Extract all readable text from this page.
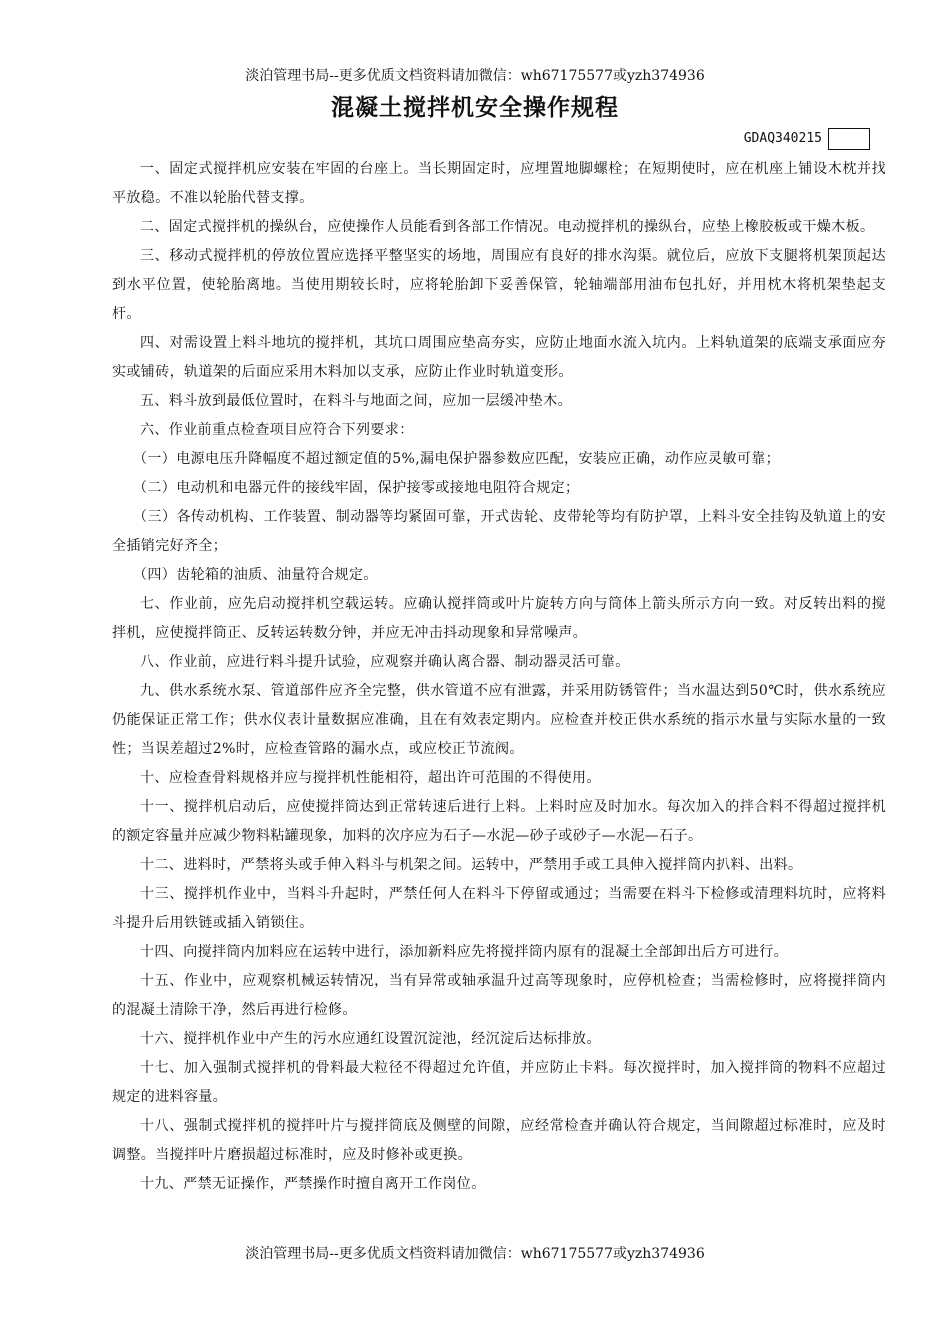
淡泊管理书局--更多优质文档资料请加微信：wh67175577或yzh374936
混凝土搅拌机安全操作规程
GDAQ340215

一、固定式搅拌机应安装在牢固的台座上。当长期固定时，应埋置地脚螺栓；在短期使时，应在机座上铺设木枕并找平放稳。不准以轮胎代替支撑。

二、固定式搅拌机的操纵台，应使操作人员能看到各部工作情况。电动搅拌机的操纵台，应垫上橡胶板或干燥木板。

三、移动式搅拌机的停放位置应选择平整坚实的场地，周围应有良好的排水沟渠。就位后，应放下支腿将机架顶起达到水平位置，使轮胎离地。当使用期较长时，应将轮胎卸下妥善保管，轮轴端部用油布包扎好，并用枕木将机架垫起支杆。

四、对需设置上料斗地坑的搅拌机，其坑口周围应垫高夯实，应防止地面水流入坑内。上料轨道架的底端支承面应夯实或铺砖，轨道架的后面应采用木料加以支承，应防止作业时轨道变形。

五、料斗放到最低位置时，在料斗与地面之间，应加一层缓冲垫木。

六、作业前重点检查项目应符合下列要求：

（一）电源电压升降幅度不超过额定值的5%,漏电保护器参数应匹配，安装应正确，动作应灵敏可靠；

（二）电动机和电器元件的接线牢固，保护接零或接地电阻符合规定；

（三）各传动机构、工作装置、制动器等均紧固可靠，开式齿轮、皮带轮等均有防护罩，上料斗安全挂钩及轨道上的安全插销完好齐全；

（四）齿轮箱的油质、油量符合规定。

七、作业前，应先启动搅拌机空载运转。应确认搅拌筒或叶片旋转方向与筒体上箭头所示方向一致。对反转出料的搅拌机，应使搅拌筒正、反转运转数分钟，并应无冲击抖动现象和异常噪声。

八、作业前，应进行料斗提升试验，应观察并确认离合器、制动器灵活可靠。

九、供水系统水泵、管道部件应齐全完整，供水管道不应有泄露，并采用防锈管件；当水温达到50℃时，供水系统应仍能保证正常工作；供水仪表计量数据应准确，且在有效表定期内。应检查并校正供水系统的指示水量与实际水量的一致性；当误差超过2%时，应检查管路的漏水点，或应校正节流阀。

十、应检查骨料规格并应与搅拌机性能相符，超出许可范围的不得使用。

十一、搅拌机启动后，应使搅拌筒达到正常转速后进行上料。上料时应及时加水。每次加入的拌合料不得超过搅拌机的额定容量并应减少物料粘罐现象，加料的次序应为石子—水泥—砂子或砂子—水泥—石子。

十二、进料时，严禁将头或手伸入料斗与机架之间。运转中，严禁用手或工具伸入搅拌筒内扒料、出料。

十三、搅拌机作业中，当料斗升起时，严禁任何人在料斗下停留或通过；当需要在料斗下检修或清理料坑时，应将料斗提升后用铁链或插入销锁住。

十四、向搅拌筒内加料应在运转中进行，添加新料应先将搅拌筒内原有的混凝土全部卸出后方可进行。

十五、作业中，应观察机械运转情况，当有异常或轴承温升过高等现象时，应停机检查；当需检修时，应将搅拌筒内的混凝土清除干净，然后再进行检修。

十六、搅拌机作业中产生的污水应通红设置沉淀池，经沉淀后达标排放。

十七、加入强制式搅拌机的骨料最大粒径不得超过允许值，并应防止卡料。每次搅拌时，加入搅拌筒的物料不应超过规定的进料容量。

十八、强制式搅拌机的搅拌叶片与搅拌筒底及侧壁的间隙，应经常检查并确认符合规定，当间隙超过标准时，应及时调整。当搅拌叶片磨损超过标准时，应及时修补或更换。

十九、严禁无证操作，严禁操作时擅自离开工作岗位。

淡泊管理书局--更多优质文档资料请加微信：wh67175577或yzh374936
